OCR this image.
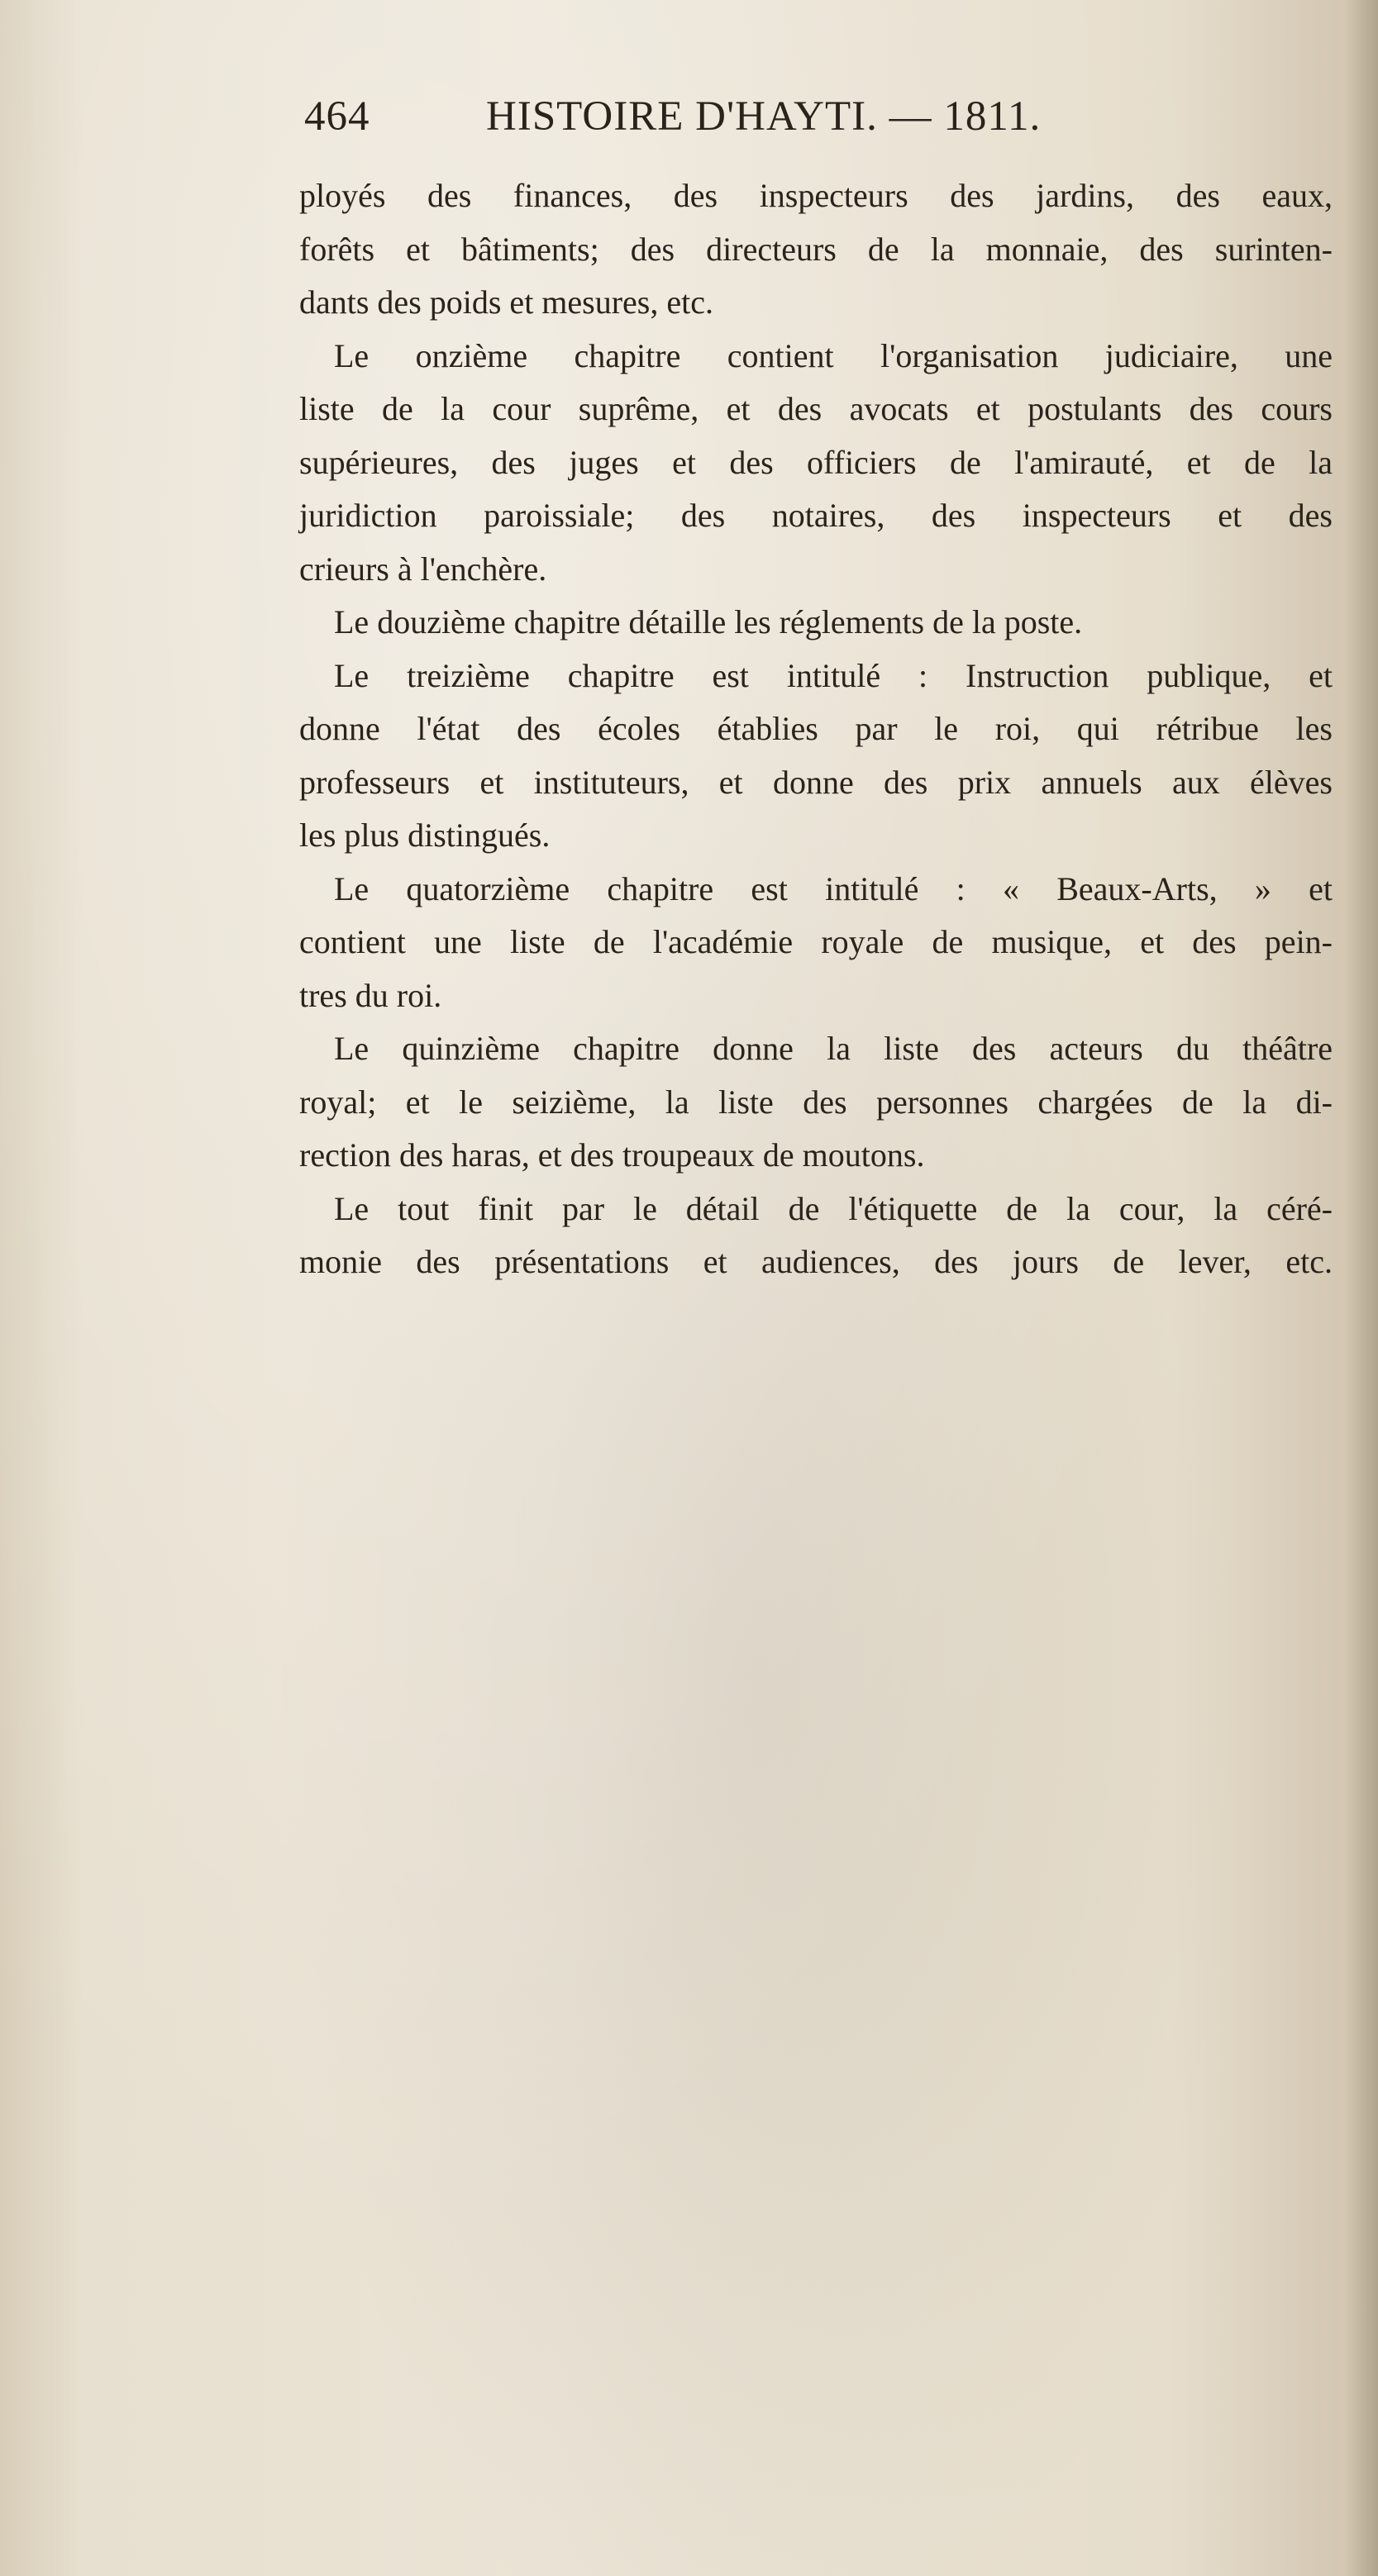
464	HISTOIRE D'HAYTI. — 1811.
ployés des finances, des inspecteurs des jardins, des eaux,
forêts et bâtiments; des directeurs de la monnaie, des surinten-
dants des poids et mesures, etc.
Le onzième chapitre contient l'organisation judiciaire, une
liste de la cour suprême, et des avocats et postulants des cours
supérieures, des juges et des officiers de l'amirauté, et de la
juridiction paroissiale; des notaires, des inspecteurs et des
crieurs à l'enchère.
Le douzième chapitre détaille les réglements de la poste.
Le treizième chapitre est intitulé : Instruction publique, et
donne l'état des écoles établies par le roi, qui rétribue les
professeurs et instituteurs, et donne des prix annuels aux élèves
les plus distingués.
Le quatorzième chapitre est intitulé : « Beaux-Arts, » et
contient une liste de l'académie royale de musique, et des pein-
tres du roi.
Le quinzième chapitre donne la liste des acteurs du théâtre
royal; et le seizième, la liste des personnes chargées de la di-
rection des haras, et des troupeaux de moutons.
Le tout finit par le détail de l'étiquette de la cour, la céré-
monie des présentations et audiences, des jours de lever, etc.
